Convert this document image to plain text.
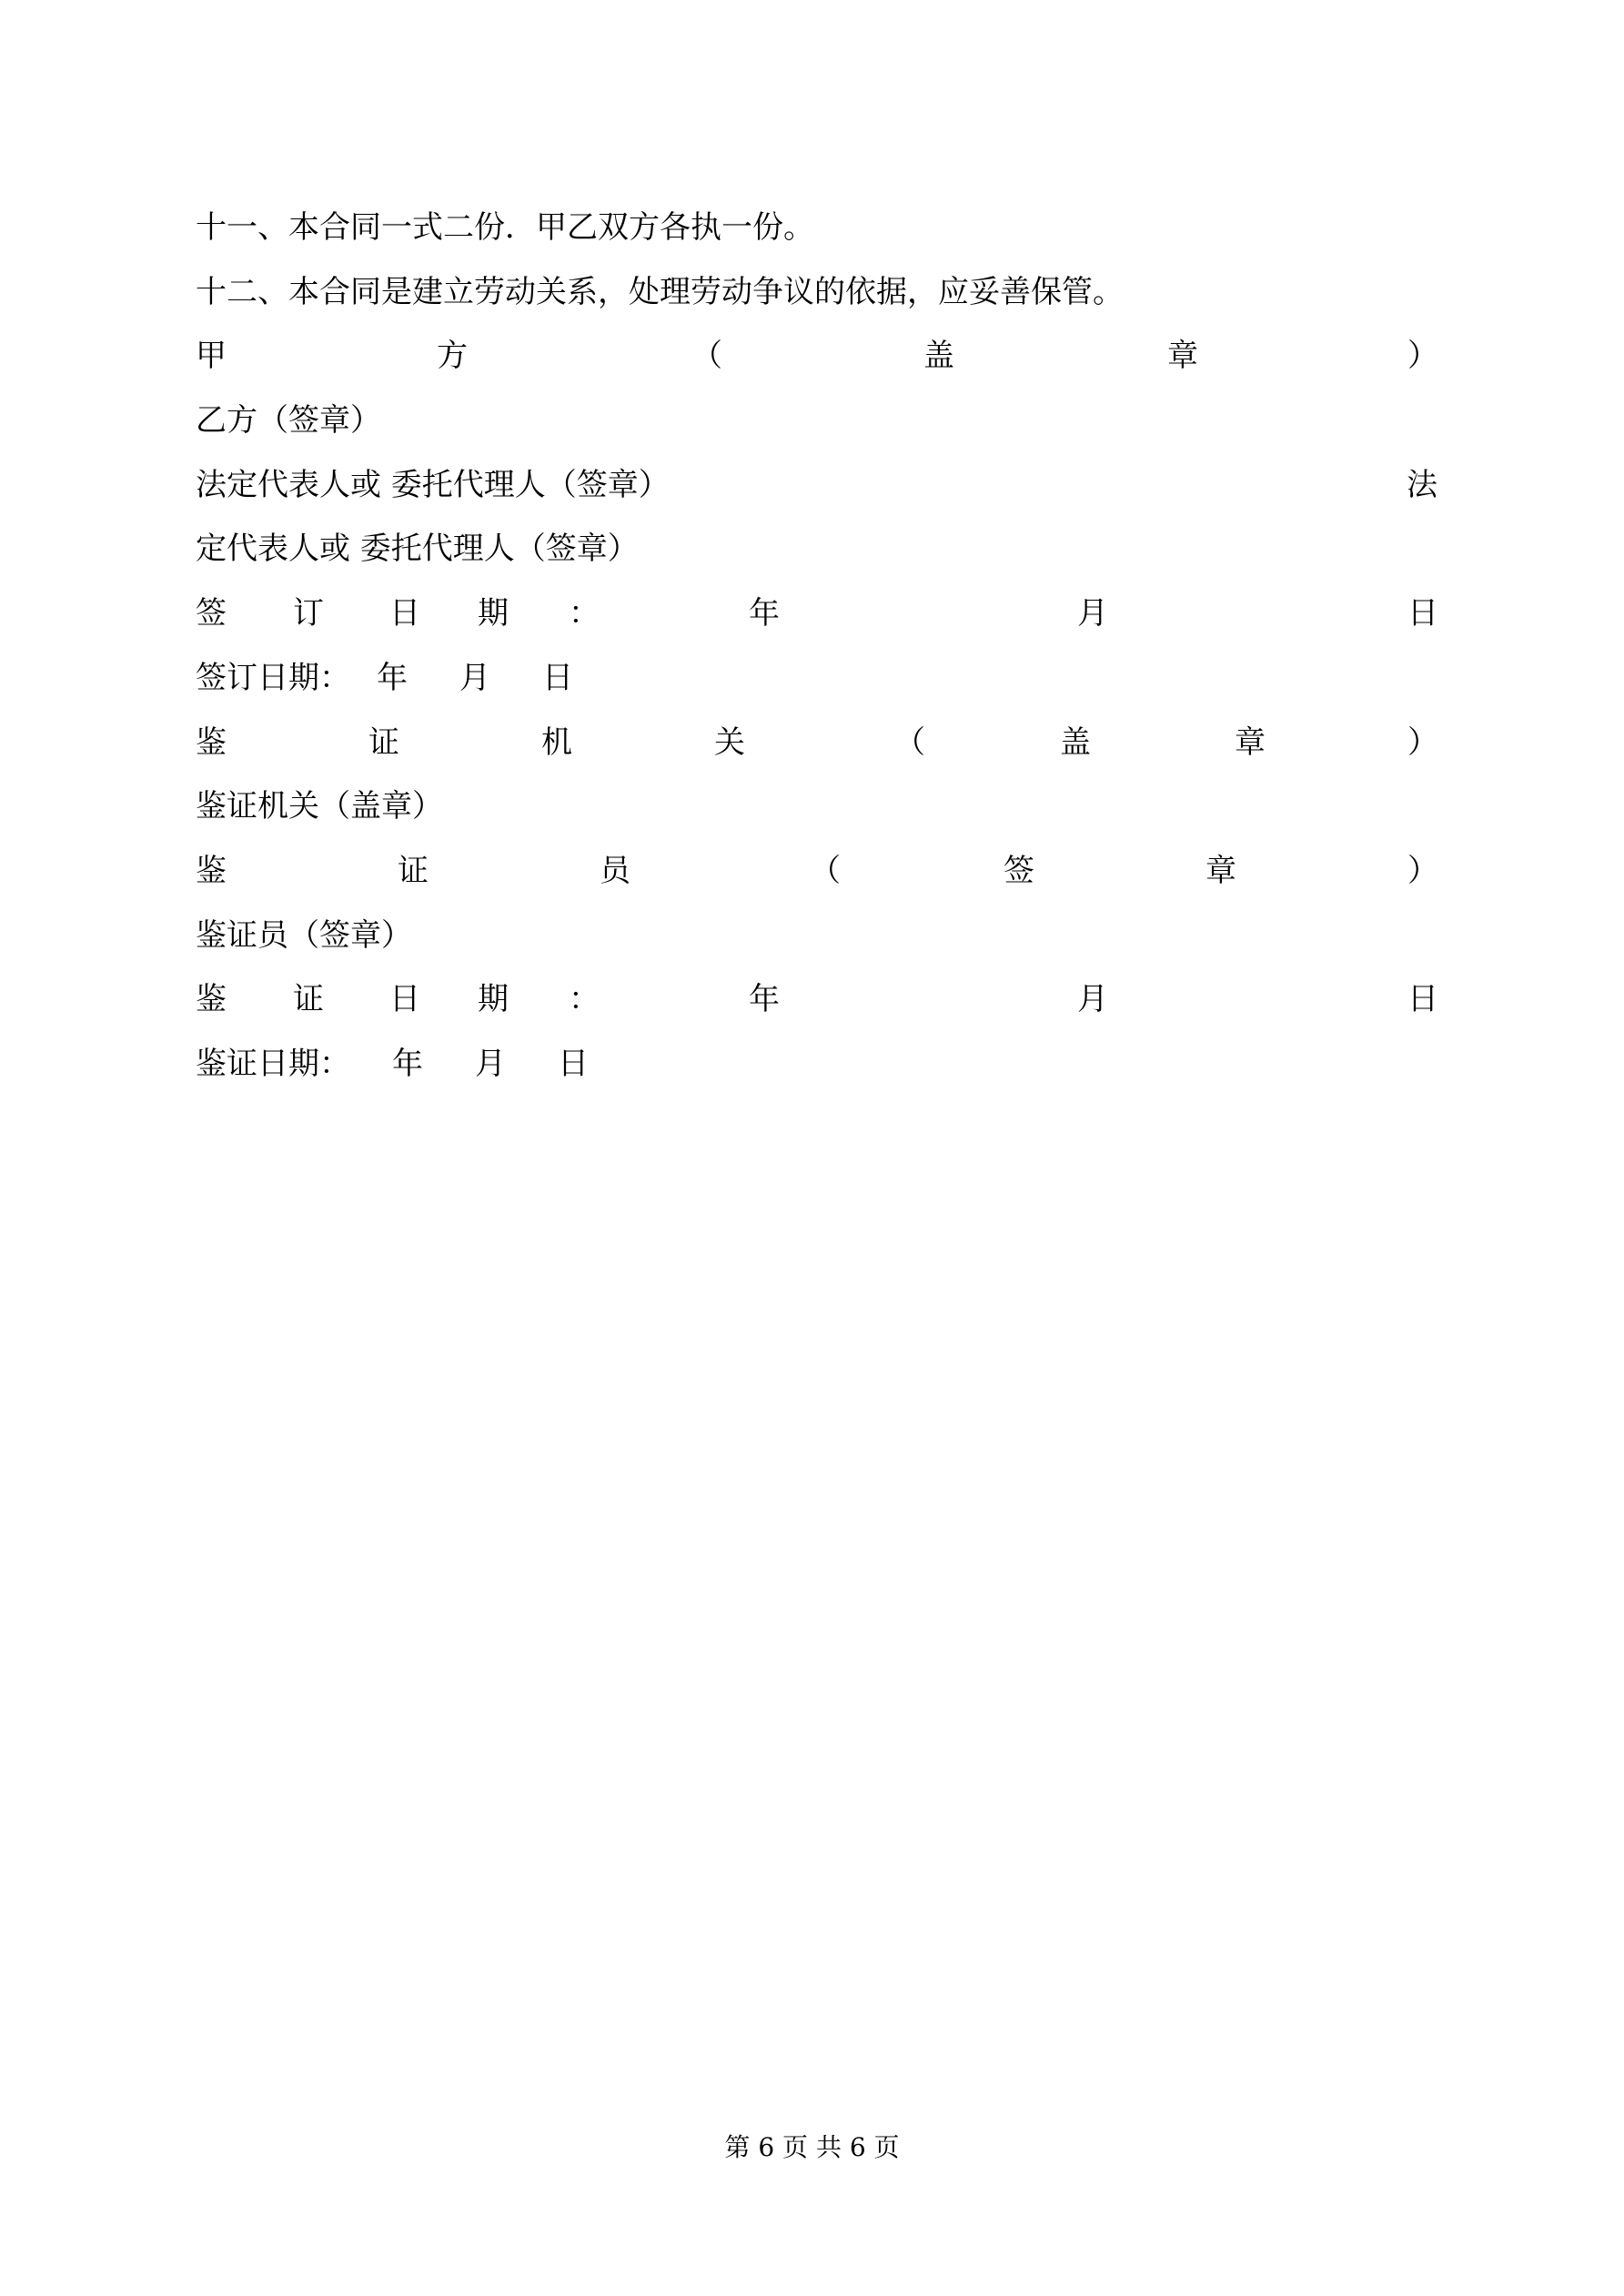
十一、本合同一式二份．甲乙双方各执一份。
十二、本合同是建立劳动关系，处理劳动争议的依据，应妥善保管。
甲	方	（	盖	章	）
乙方（签章）
法定代表人或 委托代理人（签章）	法
定代表人或 委托代理人（签章）
签 订 日 期 ：	年	月	日
签订日期： 年 月 日
鉴	证	机	关	（	盖	章	）
鉴证机关（盖章）
鉴	证	员	（	签	章	）
鉴证员（签章）
鉴 证 日 期 ：	年	月	日
鉴证日期： 年 月 日
第 6 页 共 6 页
